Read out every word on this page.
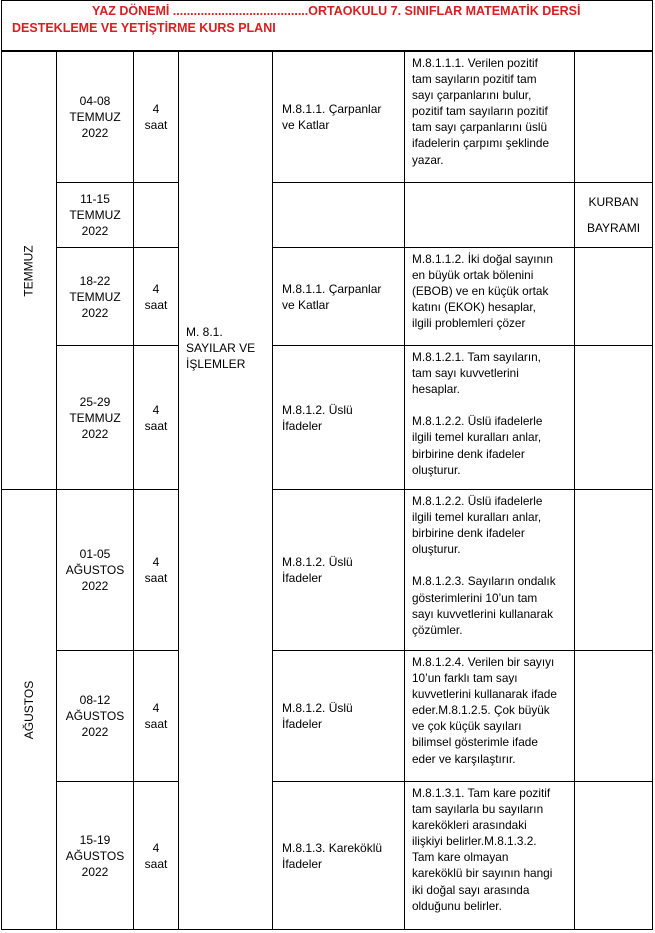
YAZ DÖNEMİ .......................................ORTAOKULU 7. SINIFLAR MATEMATİK DERSİ
DESTEKLEME VE YETİŞTİRME KURS PLANI
TEMMUZ
AĞUSTOS
M. 8.1.
SAYILAR VE
İŞLEMLER
04-08
TEMMUZ
2022
4
saat
M.8.1.1. Çarpanlar
ve Katlar
M.8.1.1.1. Verilen pozitif
tam sayıların pozitif tam
sayı çarpanlarını bulur,
pozitif tam sayıların pozitif
tam sayı çarpanlarını üslü
ifadelerin çarpımı şeklinde
yazar.
11-15
TEMMUZ
2022
KURBAN
BAYRAMI
18-22
TEMMUZ
2022
4
saat
M.8.1.1. Çarpanlar
ve Katlar
M.8.1.1.2. İki doğal sayının
en büyük ortak bölenini
(EBOB) ve en küçük ortak
katını (EKOK) hesaplar,
ilgili problemleri çözer
25-29
TEMMUZ
2022
4
saat
M.8.1.2. Üslü
İfadeler
M.8.1.2.1. Tam sayıların,
tam sayı kuvvetlerini
hesaplar.

M.8.1.2.2. Üslü ifadelerle
ilgili temel kuralları anlar,
birbirine denk ifadeler
oluşturur.
01-05
AĞUSTOS
2022
4
saat
M.8.1.2. Üslü
İfadeler
M.8.1.2.2. Üslü ifadelerle
ilgili temel kuralları anlar,
birbirine denk ifadeler
oluşturur.

M.8.1.2.3. Sayıların ondalık
gösterimlerini 10’un tam
sayı kuvvetlerini kullanarak
çözümler.
08-12
AĞUSTOS
2022
4
saat
M.8.1.2. Üslü
İfadeler
M.8.1.2.4. Verilen bir sayıyı
10’un farklı tam sayı
kuvvetlerini kullanarak ifade
eder.M.8.1.2.5. Çok büyük
ve çok küçük sayıları
bilimsel gösterimle ifade
eder ve karşılaştırır.
15-19
AĞUSTOS
2022
4
saat
M.8.1.3. Kareköklü
İfadeler
M.8.1.3.1. Tam kare pozitif
tam sayılarla bu sayıların
karekökleri arasındaki
ilişkiyi belirler.M.8.1.3.2.
Tam kare olmayan
kareköklü bir sayının hangi
iki doğal sayı arasında
olduğunu belirler.
